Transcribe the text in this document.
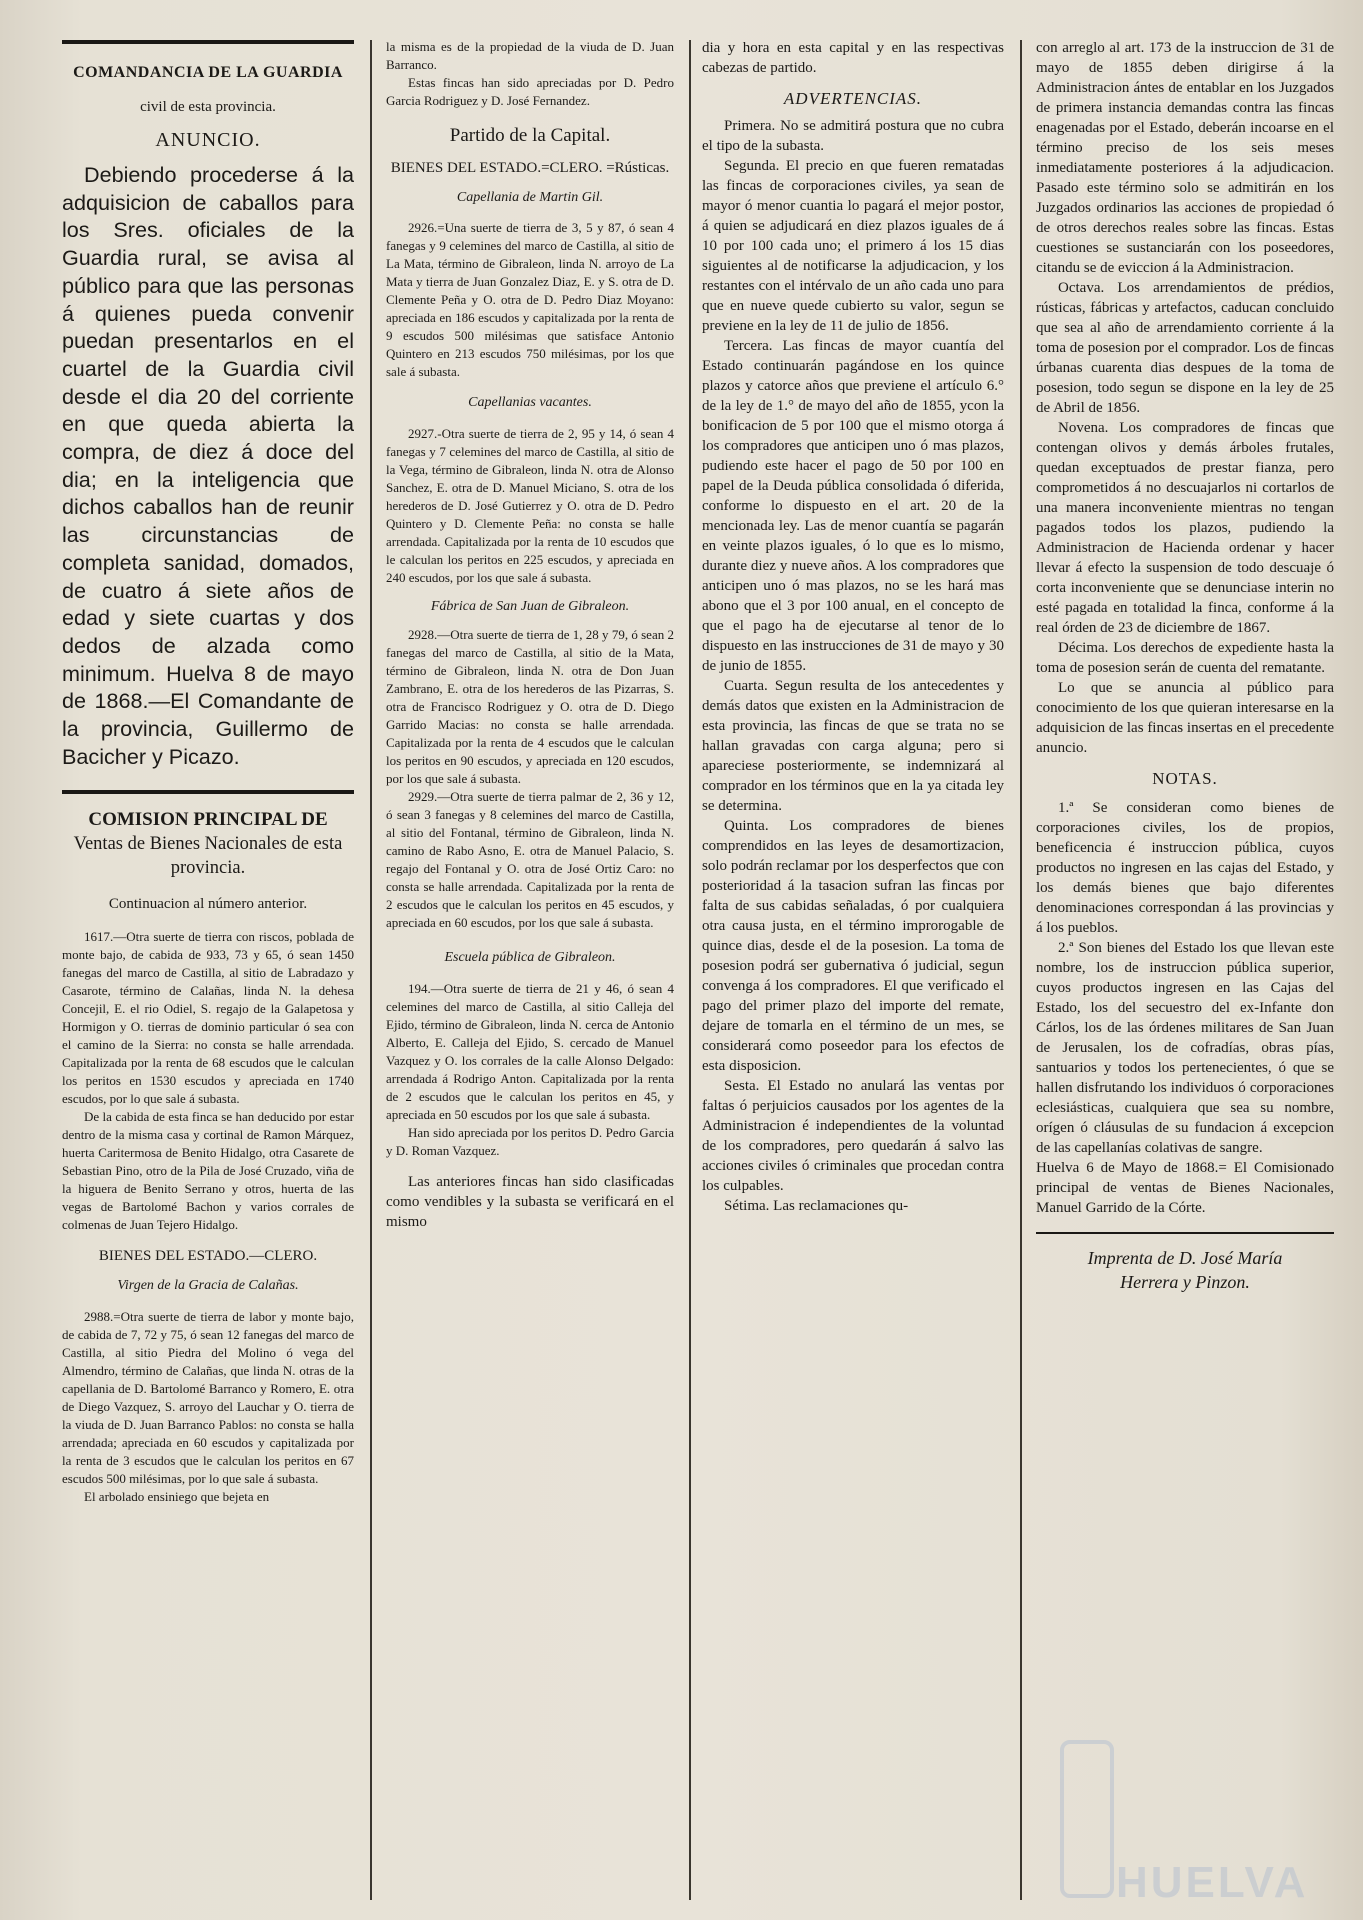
COMANDANCIA DE LA GUARDIA

civil de esta provincia.

ANUNCIO.

Debiendo procederse á la adquisicion de caballos para los Sres. oficiales de la Guardia rural, se avisa al público para que las personas á quienes pueda convenir puedan presentarlos en el cuartel de la Guardia civil desde el dia 20 del corriente en que queda abierta la compra, de diez á doce del dia; en la inteligencia que dichos caballos han de reunir las circunstancias de completa sanidad, domados, de cuatro á siete años de edad y siete cuartas y dos dedos de alzada como minimum. Huelva 8 de mayo de 1868.—El Comandante de la provincia, Guillermo de Bacicher y Picazo.

COMISION PRINCIPAL DE

Ventas de Bienes Nacionales de esta provincia.

Continuacion al número anterior.

1617.—Otra suerte de tierra con riscos, poblada de monte bajo, de cabida de 933, 73 y 65, ó sean 1450 fanegas del marco de Castilla, al sitio de Labradazo y Casarote, término de Calañas, linda N. la dehesa Concejil, E. el rio Odiel, S. regajo de la Galapetosa y Hormigon y O. tierras de dominio particular ó sea con el camino de la Sierra: no consta se halle arrendada. Capitalizada por la renta de 68 escudos que le calculan los peritos en 1530 escudos y apreciada en 1740 escudos, por lo que sale á subasta.

De la cabida de esta finca se han deducido por estar dentro de la misma casa y cortinal de Ramon Márquez, huerta Caritermosa de Benito Hidalgo, otra Casarete de Sebastian Pino, otro de la Pila de José Cruzado, viña de la higuera de Benito Serrano y otros, huerta de las vegas de Bartolomé Bachon y varios corrales de colmenas de Juan Tejero Hidalgo.

BIENES DEL ESTADO.—CLERO.

Virgen de la Gracia de Calañas.

2988.=Otra suerte de tierra de labor y monte bajo, de cabida de 7, 72 y 75, ó sean 12 fanegas del marco de Castilla, al sitio Piedra del Molino ó vega del Almendro, término de Calañas, que linda N. otras de la capellania de D. Bartolomé Barranco y Romero, E. otra de Diego Vazquez, S. arroyo del Lauchar y O. tierra de la viuda de D. Juan Barranco Pablos: no consta se halla arrendada; apreciada en 60 escudos y capitalizada por la renta de 3 escudos que le calculan los peritos en 67 escudos 500 milésimas, por lo que sale á subasta.

El arbolado ensiniego que bejeta en

la misma es de la propiedad de la viuda de D. Juan Barranco.

Estas fincas han sido apreciadas por D. Pedro Garcia Rodriguez y D. José Fernandez.

Partido de la Capital.

BIENES DEL ESTADO.=CLERO. =Rústicas.

Capellania de Martin Gil.

2926.=Una suerte de tierra de 3, 5 y 87, ó sean 4 fanegas y 9 celemines del marco de Castilla, al sitio de La Mata, término de Gibraleon, linda N. arroyo de La Mata y tierra de Juan Gonzalez Diaz, E. y S. otra de D. Clemente Peña y O. otra de D. Pedro Diaz Moyano: apreciada en 186 escudos y capitalizada por la renta de 9 escudos 500 milésimas que satisface Antonio Quintero en 213 escudos 750 milésimas, por los que sale á subasta.

Capellanias vacantes.

2927.-Otra suerte de tierra de 2, 95 y 14, ó sean 4 fanegas y 7 celemines del marco de Castilla, al sitio de la Vega, término de Gibraleon, linda N. otra de Alonso Sanchez, E. otra de D. Manuel Miciano, S. otra de los herederos de D. José Gutierrez y O. otra de D. Pedro Quintero y D. Clemente Peña: no consta se halle arrendada. Capitalizada por la renta de 10 escudos que le calculan los peritos en 225 escudos, y apreciada en 240 escudos, por los que sale á subasta.

Fábrica de San Juan de Gibraleon.

2928.—Otra suerte de tierra de 1, 28 y 79, ó sean 2 fanegas del marco de Castilla, al sitio de la Mata, término de Gibraleon, linda N. otra de Don Juan Zambrano, E. otra de los herederos de las Pizarras, S. otra de Francisco Rodriguez y O. otra de D. Diego Garrido Macias: no consta se halle arrendada. Capitalizada por la renta de 4 escudos que le calculan los peritos en 90 escudos, y apreciada en 120 escudos, por los que sale á subasta.

2929.—Otra suerte de tierra palmar de 2, 36 y 12, ó sean 3 fanegas y 8 celemines del marco de Castilla, al sitio del Fontanal, término de Gibraleon, linda N. camino de Rabo Asno, E. otra de Manuel Palacio, S. regajo del Fontanal y O. otra de José Ortiz Caro: no consta se halle arrendada. Capitalizada por la renta de 2 escudos que le calculan los peritos en 45 escudos, y apreciada en 60 escudos, por los que sale á subasta.

Escuela pública de Gibraleon.

194.—Otra suerte de tierra de 21 y 46, ó sean 4 celemines del marco de Castilla, al sitio Calleja del Ejido, término de Gibraleon, linda N. cerca de Antonio Alberto, E. Calleja del Ejido, S. cercado de Manuel Vazquez y O. los corrales de la calle Alonso Delgado: arrendada á Rodrigo Anton. Capitalizada por la renta de 2 escudos que le calculan los peritos en 45, y apreciada en 50 escudos por los que sale á subasta.

Han sido apreciada por los peritos D. Pedro Garcia y D. Roman Vazquez.

Las anteriores fincas han sido clasificadas como vendibles y la subasta se verificará en el mismo

dia y hora en esta capital y en las respectivas cabezas de partido.

ADVERTENCIAS.

Primera. No se admitirá postura que no cubra el tipo de la subasta.

Segunda. El precio en que fueren rematadas las fincas de corporaciones civiles, ya sean de mayor ó menor cuantia lo pagará el mejor postor, á quien se adjudicará en diez plazos iguales de á 10 por 100 cada uno; el primero á los 15 dias siguientes al de notificarse la adjudicacion, y los restantes con el intérvalo de un año cada uno para que en nueve quede cubierto su valor, segun se previene en la ley de 11 de julio de 1856.

Tercera. Las fincas de mayor cuantía del Estado continuarán pagándose en los quince plazos y catorce años que previene el artículo 6.° de la ley de 1.° de mayo del año de 1855, ycon la bonificacion de 5 por 100 que el mismo otorga á los compradores que anticipen uno ó mas plazos, pudiendo este hacer el pago de 50 por 100 en papel de la Deuda pública consolidada ó diferida, conforme lo dispuesto en el art. 20 de la mencionada ley. Las de menor cuantía se pagarán en veinte plazos iguales, ó lo que es lo mismo, durante diez y nueve años. A los compradores que anticipen uno ó mas plazos, no se les hará mas abono que el 3 por 100 anual, en el concepto de que el pago ha de ejecutarse al tenor de lo dispuesto en las instrucciones de 31 de mayo y 30 de junio de 1855.

Cuarta. Segun resulta de los antecedentes y demás datos que existen en la Administracion de esta provincia, las fincas de que se trata no se hallan gravadas con carga alguna; pero si apareciese posteriormente, se indemnizará al comprador en los términos que en la ya citada ley se determina.

Quinta. Los compradores de bienes comprendidos en las leyes de desamortizacion, solo podrán reclamar por los desperfectos que con posterioridad á la tasacion sufran las fincas por falta de sus cabidas señaladas, ó por cualquiera otra causa justa, en el término improrogable de quince dias, desde el de la posesion. La toma de posesion podrá ser gubernativa ó judicial, segun convenga á los compradores. El que verificado el pago del primer plazo del importe del remate, dejare de tomarla en el término de un mes, se considerará como poseedor para los efectos de esta disposicion.

Sesta. El Estado no anulará las ventas por faltas ó perjuicios causados por los agentes de la Administracion é independientes de la voluntad de los compradores, pero quedarán á salvo las acciones civiles ó criminales que procedan contra los culpables.

Sétima. Las reclamaciones qu-

con arreglo al art. 173 de la instruccion de 31 de mayo de 1855 deben dirigirse á la Administracion ántes de entablar en los Juzgados de primera instancia demandas contra las fincas enagenadas por el Estado, deberán incoarse en el término preciso de los seis meses inmediatamente posteriores á la adjudicacion. Pasado este término solo se admitirán en los Juzgados ordinarios las acciones de propiedad ó de otros derechos reales sobre las fincas. Estas cuestiones se sustanciarán con los poseedores, citandu se de eviccion á la Administracion.

Octava. Los arrendamientos de prédios, rústicas, fábricas y artefactos, caducan concluido que sea al año de arrendamiento corriente á la toma de posesion por el comprador. Los de fincas úrbanas cuarenta dias despues de la toma de posesion, todo segun se dispone en la ley de 25 de Abril de 1856.

Novena. Los compradores de fincas que contengan olivos y demás árboles frutales, quedan exceptuados de prestar fianza, pero comprometidos á no descuajarlos ni cortarlos de una manera inconveniente mientras no tengan pagados todos los plazos, pudiendo la Administracion de Hacienda ordenar y hacer llevar á efecto la suspension de todo descuaje ó corta inconveniente que se denunciase interin no esté pagada en totalidad la finca, conforme á la real órden de 23 de diciembre de 1867.

Décima. Los derechos de expediente hasta la toma de posesion serán de cuenta del rematante.

Lo que se anuncia al público para conocimiento de los que quieran interesarse en la adquisicion de las fincas insertas en el precedente anuncio.

NOTAS.

1.ª Se consideran como bienes de corporaciones civiles, los de propios, beneficencia é instruccion pública, cuyos productos no ingresen en las cajas del Estado, y los demás bienes que bajo diferentes denominaciones correspondan á las provincias y á los pueblos.

2.ª Son bienes del Estado los que llevan este nombre, los de instruccion pública superior, cuyos productos ingresen en las Cajas del Estado, los del secuestro del ex-Infante don Cárlos, los de las órdenes militares de San Juan de Jerusalen, los de cofradías, obras pías, santuarios y todos los pertenecientes, ó que se hallen disfrutando los individuos ó corporaciones eclesiásticas, cualquiera que sea su nombre, orígen ó cláusulas de su fundacion á excepcion de las capellanías colativas de sangre.

Huelva 6 de Mayo de 1868.= El Comisionado principal de ventas de Bienes Nacionales, Manuel Garrido de la Córte.

Imprenta de D. José María

Herrera y Pinzon.

HUELVA
